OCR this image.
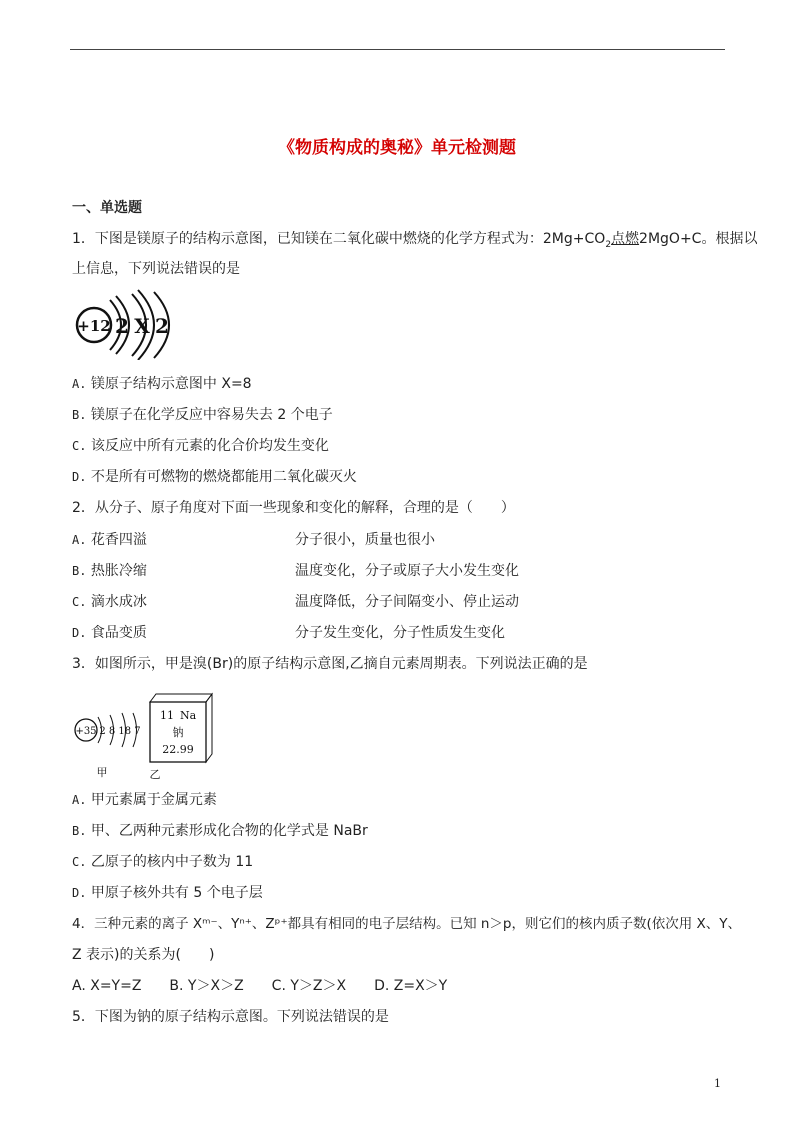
《物质构成的奥秘》单元检测题
一、单选题
1．下图是镁原子的结构示意图，已知镁在二氧化碳中燃烧的化学方程式为：$2Mg+CO_2$点燃2MgO+C。根据以
上信息，下列说法错误的是
+12 2 X 2
A. 镁原子结构示意图中 X=8
B. 镁原子在化学反应中容易失去 2 个电子
C. 该反应中所有元素的化合价均发生变化
D. 不是所有可燃物的燃烧都能用二氧化碳灭火
2．从分子、原子角度对下面一些现象和变化的解释，合理的是（　　）
A. 花香四溢	分子很小，质量也很小
B. 热胀冷缩	温度变化，分子或原子大小发生变化
C. 滴水成冰	温度降低，分子间隔变小、停止运动
D. 食品变质	分子发生变化，分子性质发生变化
3．如图所示，甲是溴(Br)的原子结构示意图,乙摘自元素周期表。下列说法正确的是
+35 2 8 18 7
甲
11 Na
钠
22.99
乙
A. 甲元素属于金属元素
B. 甲、乙两种元素形成化合物的化学式是 NaBr
C. 乙原子的核内中子数为 11
D. 甲原子核外共有 5 个电子层
4．三种元素的离子 Xᵐ⁻、Yⁿ⁺、Zᵖ⁺都具有相同的电子层结构。已知 n＞p，则它们的核内质子数(依次用 X、Y、
Z 表示)的关系为(　　)
A. X=Y=Z　　B. Y＞X＞Z　　C. Y＞Z＞X　　D. Z=X＞Y
5．下图为钠的原子结构示意图。下列说法错误的是
1
